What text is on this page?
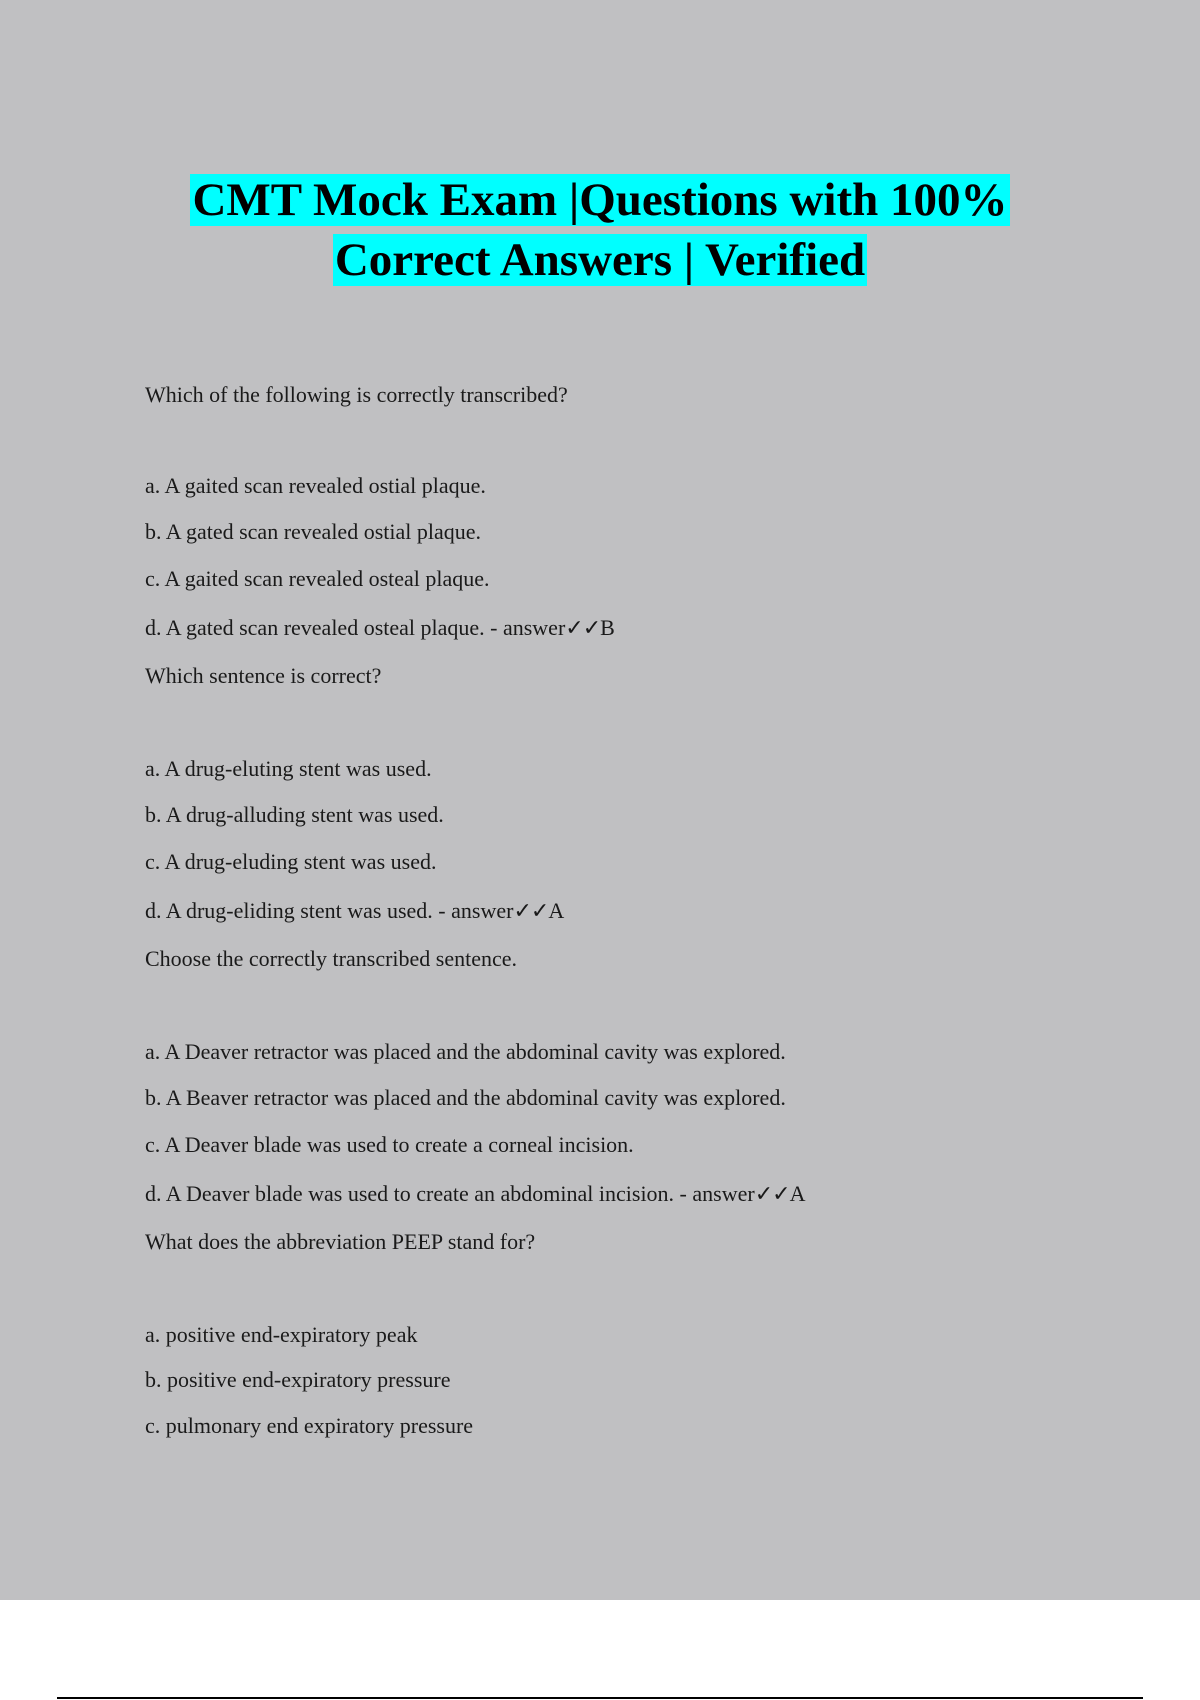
CMT Mock Exam |Questions with 100%
Correct Answers | Verified
Which of the following is correctly transcribed?
a. A gaited scan revealed ostial plaque.
b. A gated scan revealed ostial plaque.
c. A gaited scan revealed osteal plaque.
d. A gated scan revealed osteal plaque. - answer✓✓B
Which sentence is correct?
a. A drug-eluting stent was used.
b. A drug-alluding stent was used.
c. A drug-eluding stent was used.
d. A drug-eliding stent was used. - answer✓✓A
Choose the correctly transcribed sentence.
a. A Deaver retractor was placed and the abdominal cavity was explored.
b. A Beaver retractor was placed and the abdominal cavity was explored.
c. A Deaver blade was used to create a corneal incision.
d. A Deaver blade was used to create an abdominal incision. - answer✓✓A
What does the abbreviation PEEP stand for?
a. positive end-expiratory peak
b. positive end-expiratory pressure
c. pulmonary end expiratory pressure
